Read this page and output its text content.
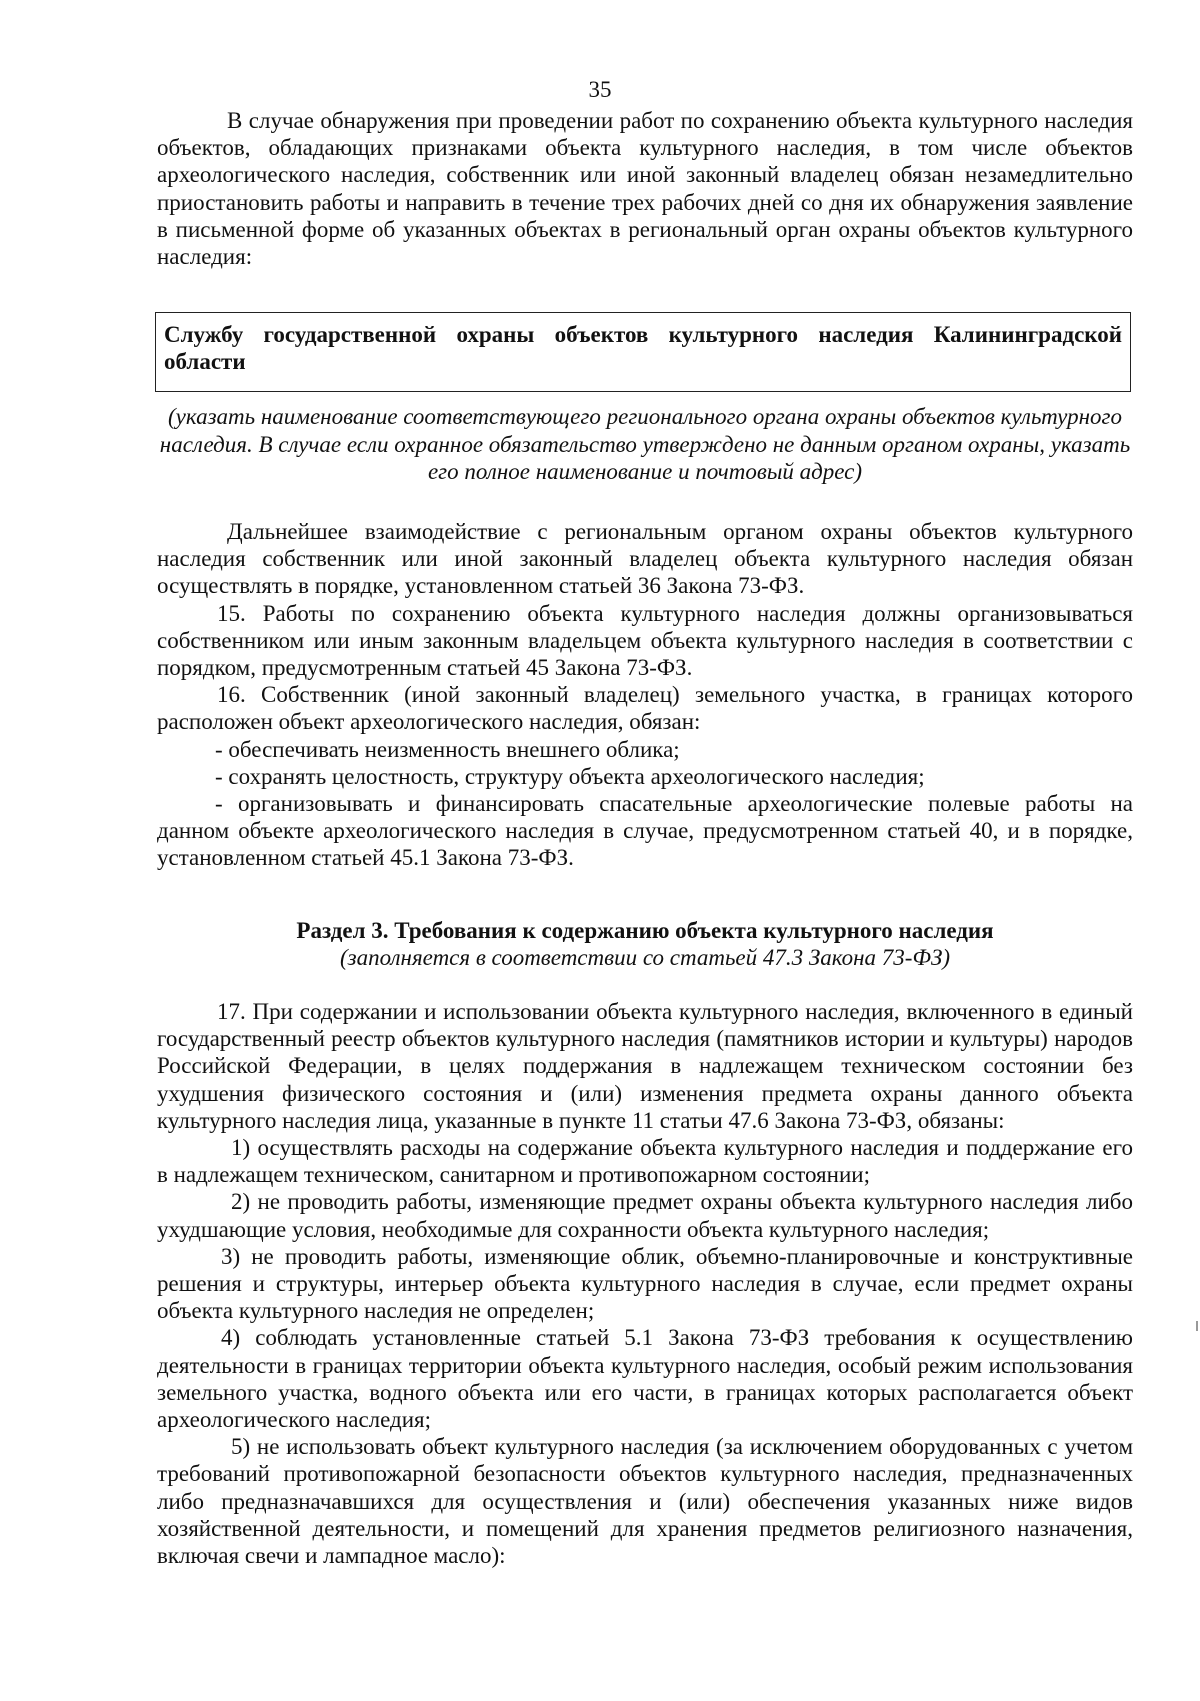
35

В случае обнаружения при проведении работ по сохранению объекта культурного наследия объектов, обладающих признаками объекта культурного наследия, в том числе объектов археологического наследия, собственник или иной законный владелец обязан незамедлительно приостановить работы и направить в течение трех рабочих дней со дня их обнаружения заявление в письменной форме об указанных объектах в региональный орган охраны объектов культурного наследия:

Службу государственной охраны объектов культурного наследия Калининградской области
(указать наименование соответствующего регионального органа охраны объектов культурного наследия. В случае если охранное обязательство утверждено не данным органом охраны, указать его полное наименование и почтовый адрес)

Дальнейшее взаимодействие с региональным органом охраны объектов культурного наследия собственник или иной законный владелец объекта культурного наследия обязан осуществлять в порядке, установленном статьей 36 Закона 73-ФЗ.

15. Работы по сохранению объекта культурного наследия должны организовываться собственником или иным законным владельцем объекта культурного наследия в соответствии с порядком, предусмотренным статьей 45 Закона 73-ФЗ.

16. Собственник (иной законный владелец) земельного участка, в границах которого расположен объект археологического наследия, обязан:

- обеспечивать неизменность внешнего облика;

- сохранять целостность, структуру объекта археологического наследия;

- организовывать и финансировать спасательные археологические полевые работы на данном объекте археологического наследия в случае, предусмотренном статьей 40, и в порядке, установленном статьей 45.1 Закона 73-ФЗ.

Раздел 3. Требования к содержанию объекта культурного наследия
(заполняется в соответствии со статьей 47.3 Закона 73-ФЗ)

17. При содержании и использовании объекта культурного наследия, включенного в единый государственный реестр объектов культурного наследия (памятников истории и культуры) народов Российской Федерации, в целях поддержания в надлежащем техническом состоянии без ухудшения физического состояния и (или) изменения предмета охраны данного объекта культурного наследия лица, указанные в пункте 11 статьи 47.6 Закона 73-ФЗ, обязаны:

1) осуществлять расходы на содержание объекта культурного наследия и поддержание его в надлежащем техническом, санитарном и противопожарном состоянии;

2) не проводить работы, изменяющие предмет охраны объекта культурного наследия либо ухудшающие условия, необходимые для сохранности объекта культурного наследия;

3) не проводить работы, изменяющие облик, объемно-планировочные и конструктивные решения и структуры, интерьер объекта культурного наследия в случае, если предмет охраны объекта культурного наследия не определен;

4) соблюдать установленные статьей 5.1 Закона 73-ФЗ требования к осуществлению деятельности в границах территории объекта культурного наследия, особый режим использования земельного участка, водного объекта или его части, в границах которых располагается объект археологического наследия;

5) не использовать объект культурного наследия (за исключением оборудованных с учетом требований противопожарной безопасности объектов культурного наследия, предназначенных либо предназначавшихся для осуществления и (или) обеспечения указанных ниже видов хозяйственной деятельности, и помещений для хранения предметов религиозного назначения, включая свечи и лампадное масло):
